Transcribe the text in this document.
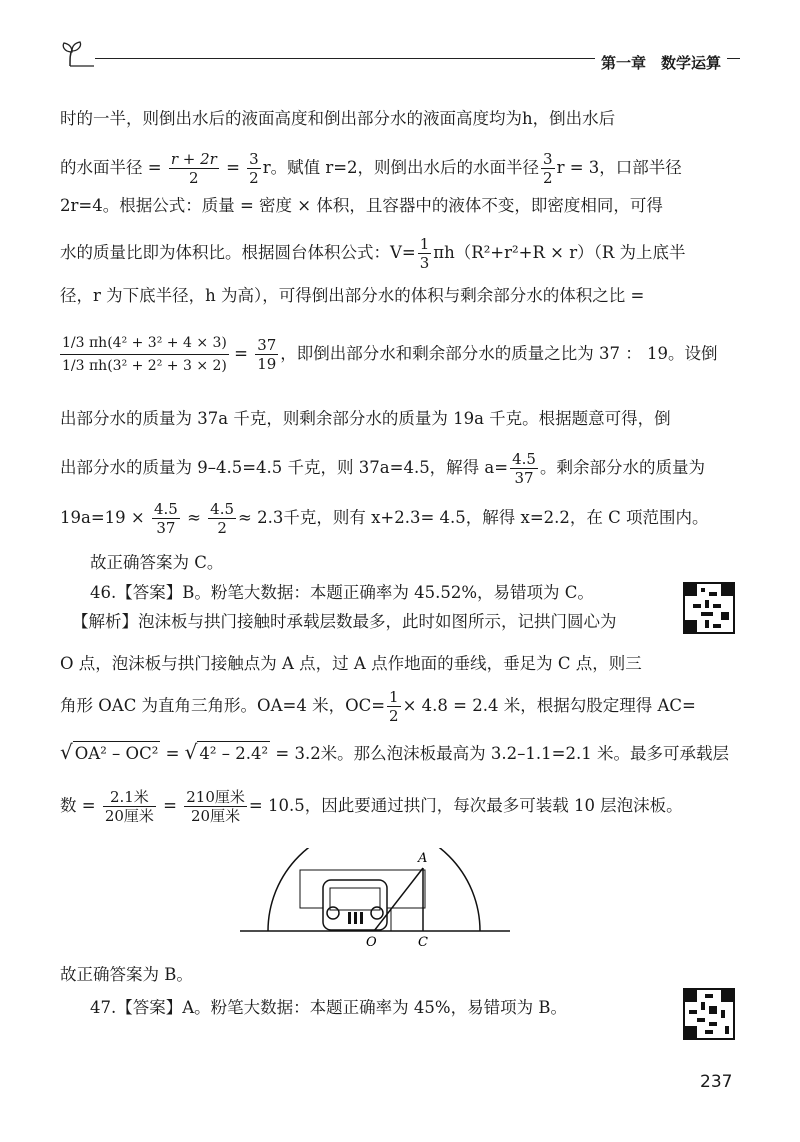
第一章　数学运算
时的一半，则倒出水后的液面高度和倒出部分水的液面高度均为h，倒出水后
的水面半径 = $\frac{r + 2r}{2} = \frac{3}{2}$ r。赋值 r=2，则倒出水后的水面半径 $\frac{3}{2}$ r = 3，口部半径
2r=4。根据公式：质量 = 密度 × 体积，且容器中的液体不变，即密度相同，可得
水的质量比即为体积比。根据圆台体积公式：$V= \frac{1}{3} \pi h(R^2+r^2+R \times r)(R$ 为上底半
径，r 为下底半径，h 为高），可得倒出部分水的体积与剩余部分水的体积之比 =
$\frac{\text{1/3 πh(4² + 3² + 4 × 3)}}{\text{1/3 πh(3² + 2² + 3 × 2)}} = \frac{37}{19}$ ，即倒出部分水和剩余部分水的质量之比为 37 ： 19。设倒
出部分水的质量为 37a 千克，则剩余部分水的质量为 19a 千克。根据题意可得，倒
出部分水的质量为 9–4.5=4.5 千克，则 37a=4.5，解得 $a= \frac{4.5}{37}$ 。剩余部分水的质量为
$19a=19 \times \frac{4.5}{37} \approx \frac{4.5}{2} \approx 2.3$千克，则有 x+2.3= 4.5，解得 x=2.2，在 C 项范围内。
故正确答案为 C。
46.【答案】B。粉笔大数据：本题正确率为 45.52%，易错项为 C。
【解析】泡沫板与拱门接触时承载层数最多，此时如图所示，记拱门圆心为
O 点，泡沫板与拱门接触点为 A 点，过 A 点作地面的垂线，垂足为 C 点，则三
角形 OAC 为直角三角形。OA=4 米，$OC= \frac{1}{2} \times 4.8 = 2.4$ 米，根据勾股定理得 AC=
√ OA² – OC² = √ 4² – 2.4² = 3.2米。那么泡沫板最高为 3.2–1.1=2.1 米。最多可承载层
数 = $\frac{\text{2.1米}}{\text{20厘米}} = \frac{\text{210厘米}}{\text{20厘米}} = 10.5$，因此要通过拱门，每次最多可装载 10 层泡沫板。
A
O	C
故正确答案为 B。
47.【答案】A。粉笔大数据：本题正确率为 45%，易错项为 B。
237
